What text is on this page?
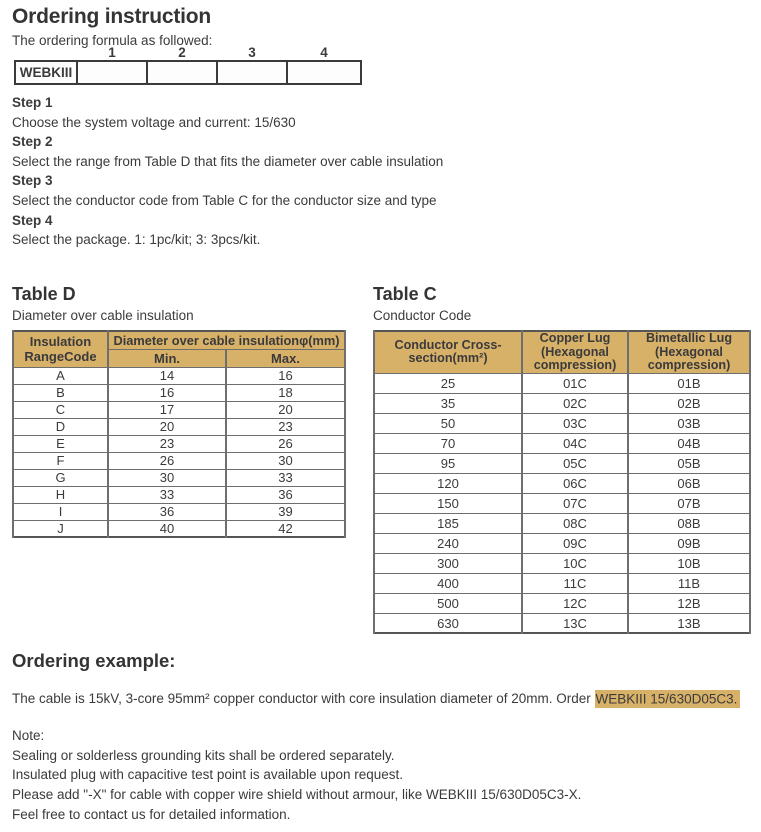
Ordering instruction
The ordering formula as followed:
	1	2	3	4
WEBKIII				
Step 1
Choose the system voltage and current: 15/630
Step 2
Select the range from Table D that fits the diameter over cable insulation
Step 3
Select the conductor code from Table C for the conductor size and type
Step 4
Select the package. 1: 1pc/kit; 3: 3pcs/kit.
Table D
Diameter over cable insulation
Insulation RangeCode	Diameter over cable insulationφ(mm)	
	Min.	Max.
A	14	16
B	16	18
C	17	20
D	20	23
E	23	26
F	26	30
G	30	33
H	33	36
I	36	39
J	40	42
Table C
Conductor Code
Conductor Cross-section(mm²)	Copper Lug (Hexagonal compression)	Bimetallic Lug (Hexagonal compression)
25	01C	01B
35	02C	02B
50	03C	03B
70	04C	04B
95	05C	05B
120	06C	06B
150	07C	07B
185	08C	08B
240	09C	09B
300	10C	10B
400	11C	11B
500	12C	12B
630	13C	13B
Ordering example:
The cable is 15kV, 3-core 95mm² copper conductor with core insulation diameter of 20mm. Order WEBKIII 15/630D05C3.
Note:
Sealing or solderless grounding kits shall be ordered separately.
Insulated plug with capacitive test point is available upon request.
Please add "-X" for cable with copper wire shield without armour, like WEBKIII 15/630D05C3-X.
Feel free to contact us for detailed information.
